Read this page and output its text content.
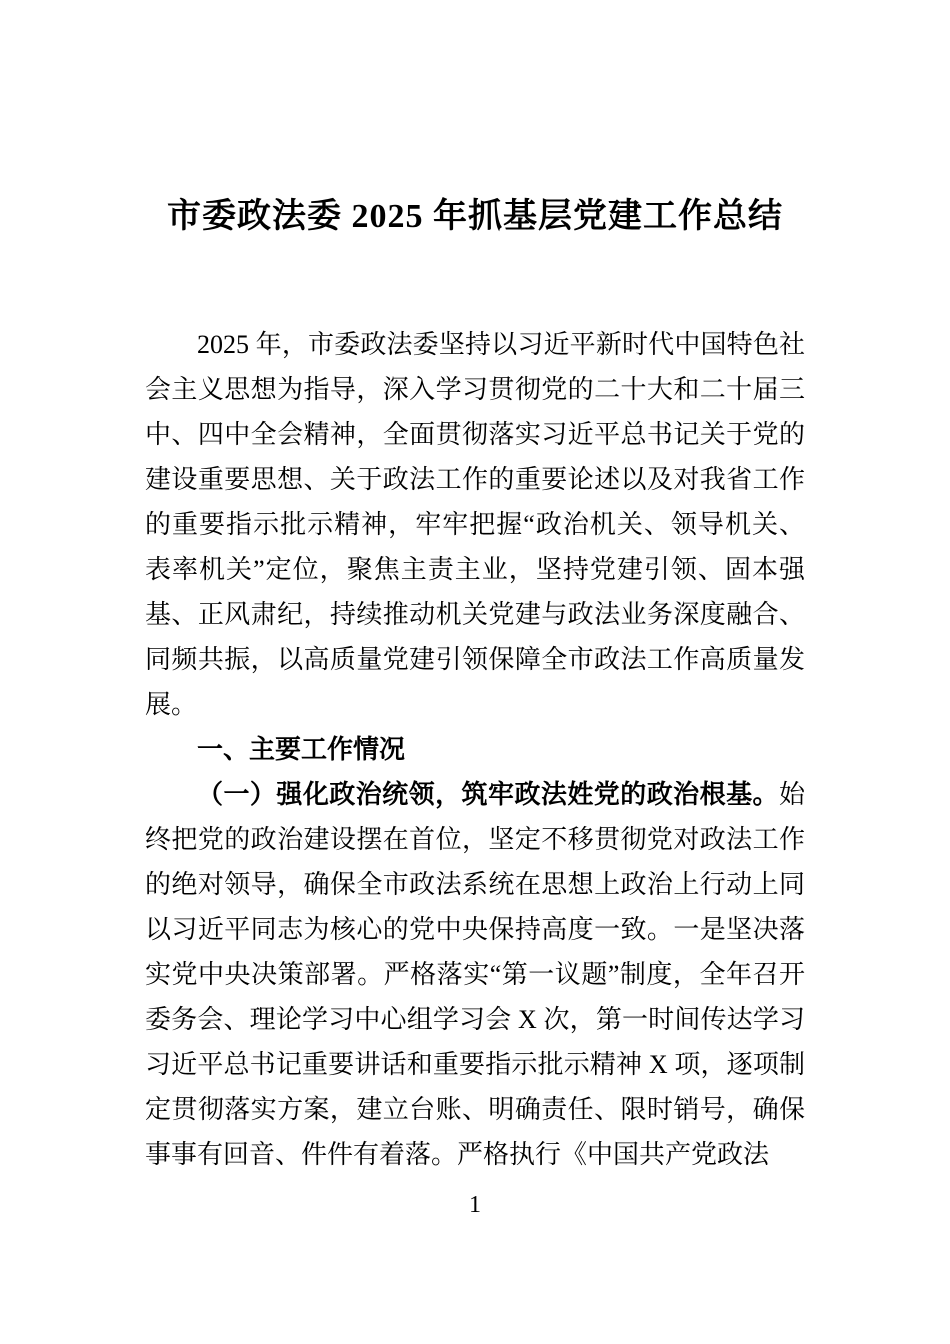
市委政法委 2025 年抓基层党建工作总结

2025 年，市委政法委坚持以习近平新时代中国特色社会主义思想为指导，深入学习贯彻党的二十大和二十届三中、四中全会精神，全面贯彻落实习近平总书记关于党的建设重要思想、关于政法工作的重要论述以及对我省工作的重要指示批示精神，牢牢把握“政治机关、领导机关、表率机关”定位，聚焦主责主业，坚持党建引领、固本强基、正风肃纪，持续推动机关党建与政法业务深度融合、同频共振，以高质量党建引领保障全市政法工作高质量发展。

一、主要工作情况

（一）强化政治统领，筑牢政法姓党的政治根基。始终把党的政治建设摆在首位，坚定不移贯彻党对政法工作的绝对领导，确保全市政法系统在思想上政治上行动上同以习近平同志为核心的党中央保持高度一致。一是坚决落实党中央决策部署。严格落实“第一议题”制度，全年召开委务会、理论学习中心组学习会 X 次，第一时间传达学习习近平总书记重要讲话和重要指示批示精神 X 项，逐项制定贯彻落实方案，建立台账、明确责任、限时销号，确保事事有回音、件件有着落。严格执行《中国共产党政法

1
